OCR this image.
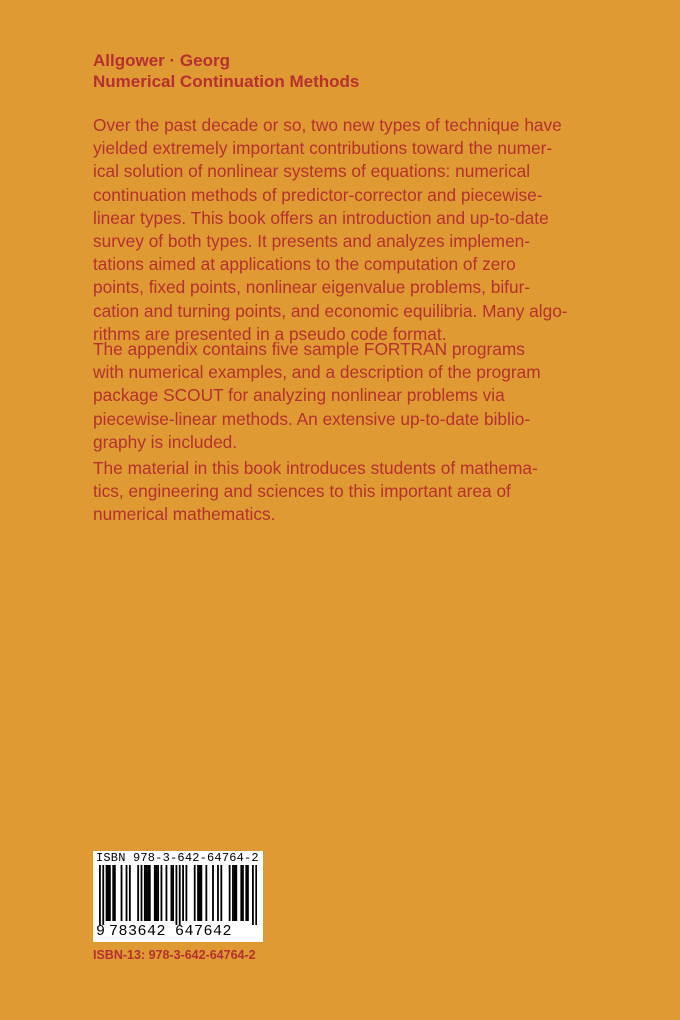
Allgower · Georg

Numerical Continuation Methods

Over the past decade or so, two new types of technique have
yielded extremely important contributions toward the numer-
ical solution of nonlinear systems of equations: numerical
continuation methods of predictor-corrector and piecewise-
linear types. This book offers an introduction and up-to-date
survey of both types. It presents and analyzes implemen-
tations aimed at applications to the computation of zero
points, fixed points, nonlinear eigenvalue problems, bifur-
cation and turning points, and economic equilibria. Many algo-
rithms are presented in a pseudo code format.

The appendix contains five sample FORTRAN programs
with numerical examples, and a description of the program
package SCOUT for analyzing nonlinear problems via
piecewise-linear methods. An extensive up-to-date biblio-
graphy is included.

The material in this book introduces students of mathema-
tics, engineering and sciences to this important area of
numerical mathematics.

ISBN 978-3-642-64764-2
9 783642 647642
ISBN-13: 978-3-642-64764-2
